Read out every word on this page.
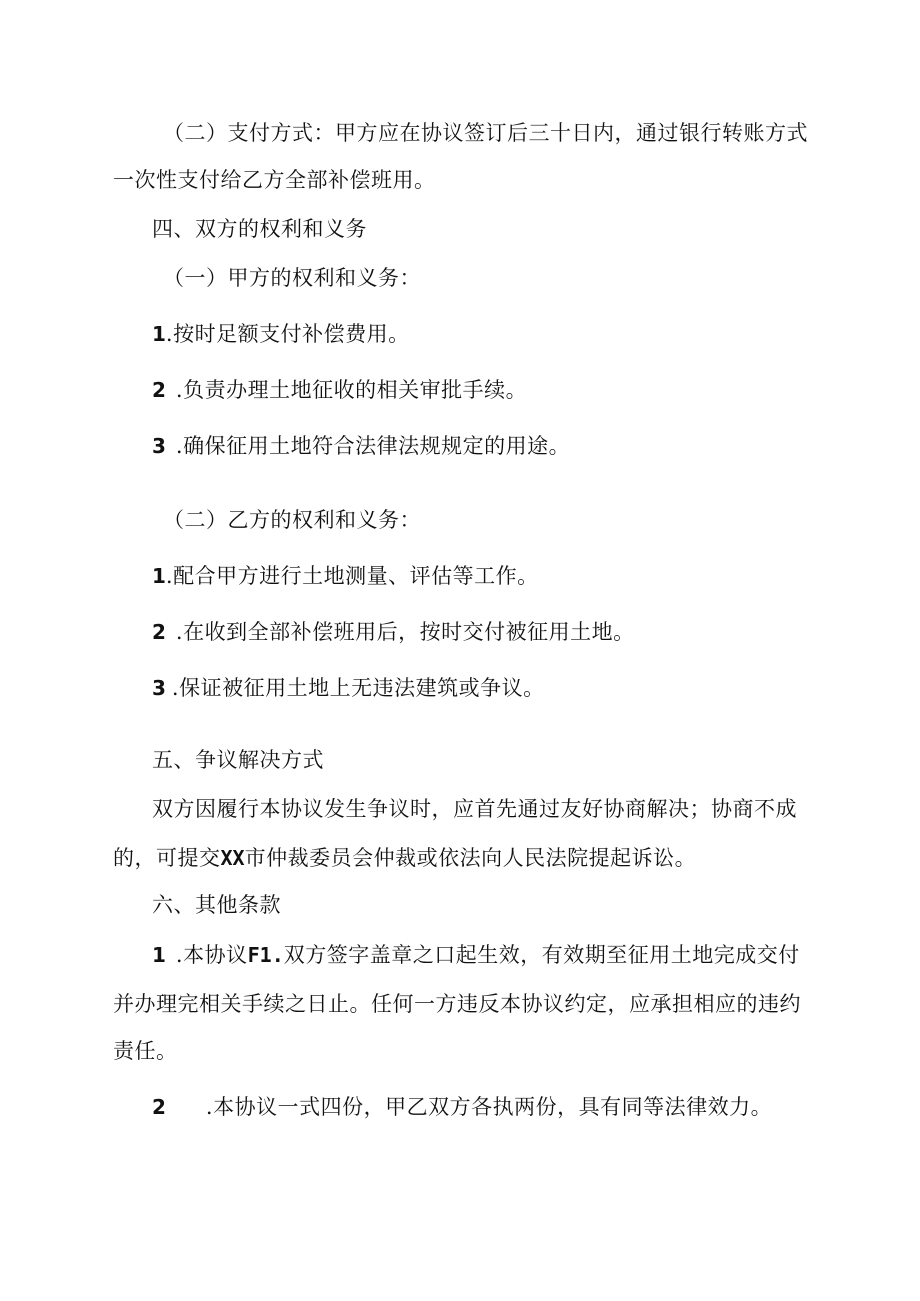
（二）支付方式：甲方应在协议签订后三十日内，通过银行转账方式
一次性支付给乙方全部补偿班用。
四、双方的权利和义务
（一）甲方的权利和义务：
1.按时足额支付补偿费用。
2 .负责办理土地征收的相关审批手续。
3 .确保征用土地符合法律法规规定的用途。
（二）乙方的权利和义务：
1.配合甲方进行土地测量、评估等工作。
2 .在收到全部补偿班用后，按时交付被征用土地。
3 .保证被征用土地上无违法建筑或争议。
五、争议解决方式
双方因履行本协议发生争议时，应首先通过友好协商解决；协商不成
的，可提交XX市仲裁委员会仲裁或依法向人民法院提起诉讼。
六、其他条款
1 .本协议F1.双方签字盖章之口起生效，有效期至征用土地完成交付
并办理完相关手续之日止。任何一方违反本协议约定，应承担相应的违约
责任。
2 .本协议一式四份，甲乙双方各执两份，具有同等法律效力。
